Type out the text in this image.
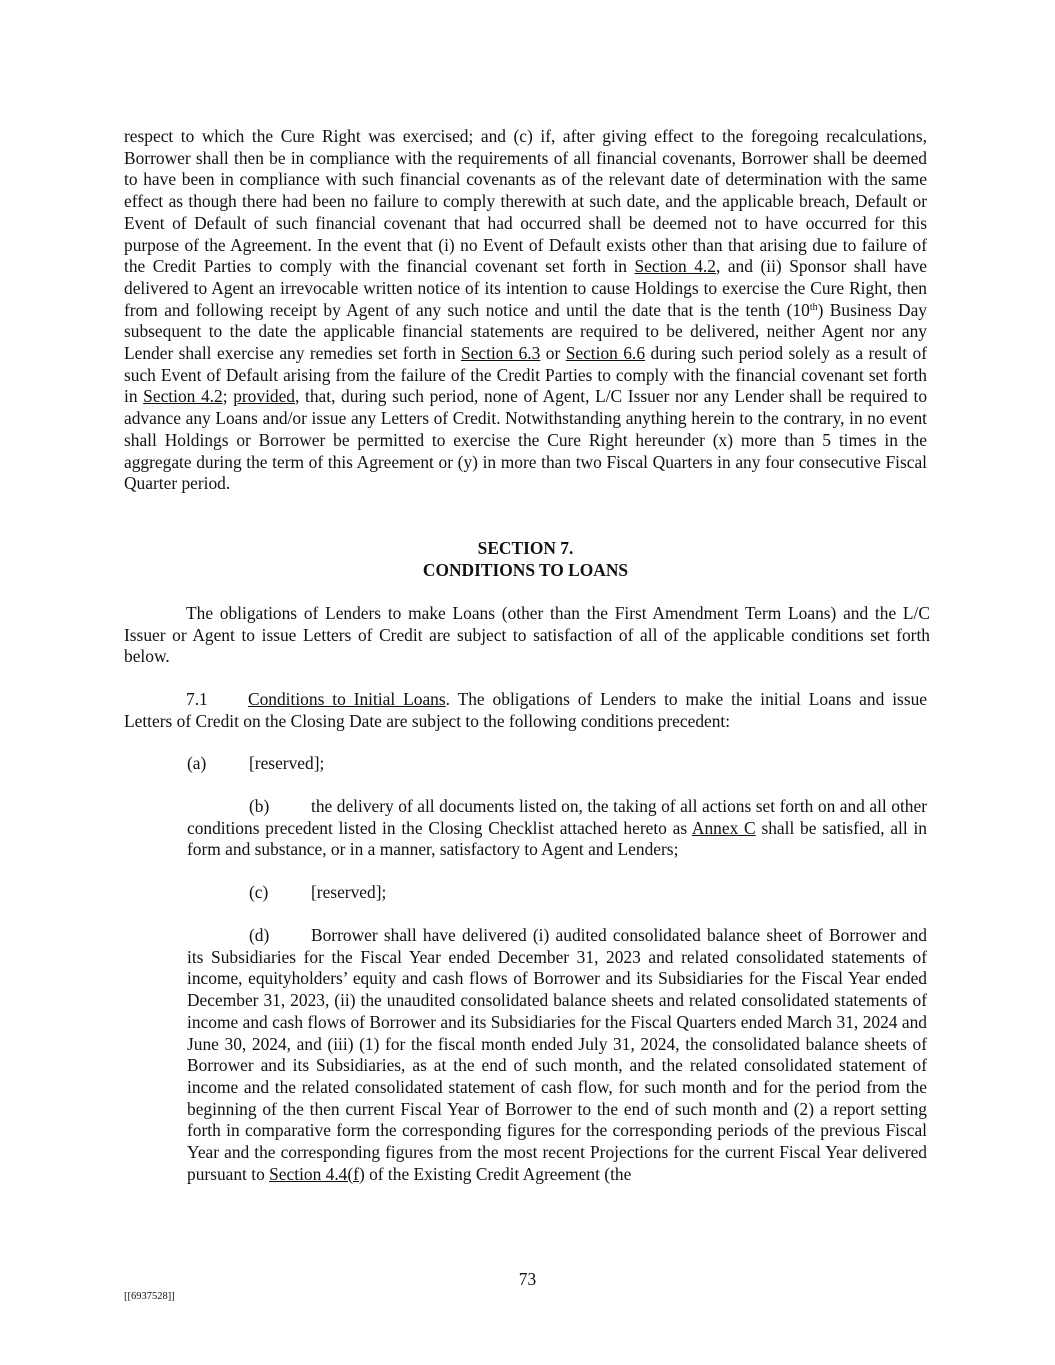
respect to which the Cure Right was exercised; and (c) if, after giving effect to the foregoing recalculations, Borrower shall then be in compliance with the requirements of all financial covenants, Borrower shall be deemed to have been in compliance with such financial covenants as of the relevant date of determination with the same effect as though there had been no failure to comply therewith at such date, and the applicable breach, Default or Event of Default of such financial covenant that had occurred shall be deemed not to have occurred for this purpose of the Agreement. In the event that (i) no Event of Default exists other than that arising due to failure of the Credit Parties to comply with the financial covenant set forth in Section 4.2, and (ii) Sponsor shall have delivered to Agent an irrevocable written notice of its intention to cause Holdings to exercise the Cure Right, then from and following receipt by Agent of any such notice and until the date that is the tenth (10th) Business Day subsequent to the date the applicable financial statements are required to be delivered, neither Agent nor any Lender shall exercise any remedies set forth in Section 6.3 or Section 6.6 during such period solely as a result of such Event of Default arising from the failure of the Credit Parties to comply with the financial covenant set forth in Section 4.2; provided, that, during such period, none of Agent, L/C Issuer nor any Lender shall be required to advance any Loans and/or issue any Letters of Credit. Notwithstanding anything herein to the contrary, in no event shall Holdings or Borrower be permitted to exercise the Cure Right hereunder (x) more than 5 times in the aggregate during the term of this Agreement or (y) in more than two Fiscal Quarters in any four consecutive Fiscal Quarter period.

SECTION 7.

CONDITIONS TO LOANS

The obligations of Lenders to make Loans (other than the First Amendment Term Loans) and the L/C Issuer or Agent to issue Letters of Credit are subject to satisfaction of all of the applicable conditions set forth below.

7.1 Conditions to Initial Loans. The obligations of Lenders to make the initial Loans and issue Letters of Credit on the Closing Date are subject to the following conditions precedent:

(a) [reserved];

(b) the delivery of all documents listed on, the taking of all actions set forth on and all other conditions precedent listed in the Closing Checklist attached hereto as Annex C shall be satisfied, all in form and substance, or in a manner, satisfactory to Agent and Lenders;

(c) [reserved];

(d) Borrower shall have delivered (i) audited consolidated balance sheet of Borrower and its Subsidiaries for the Fiscal Year ended December 31, 2023 and related consolidated statements of income, equityholders’ equity and cash flows of Borrower and its Subsidiaries for the Fiscal Year ended December 31, 2023, (ii) the unaudited consolidated balance sheets and related consolidated statements of income and cash flows of Borrower and its Subsidiaries for the Fiscal Quarters ended March 31, 2024 and June 30, 2024, and (iii) (1) for the fiscal month ended July 31, 2024, the consolidated balance sheets of Borrower and its Subsidiaries, as at the end of such month, and the related consolidated statement of income and the related consolidated statement of cash flow, for such month and for the period from the beginning of the then current Fiscal Year of Borrower to the end of such month and (2) a report setting forth in comparative form the corresponding figures for the corresponding periods of the previous Fiscal Year and the corresponding figures from the most recent Projections for the current Fiscal Year delivered pursuant to Section 4.4(f) of the Existing Credit Agreement (the

73

[[6937528]]
